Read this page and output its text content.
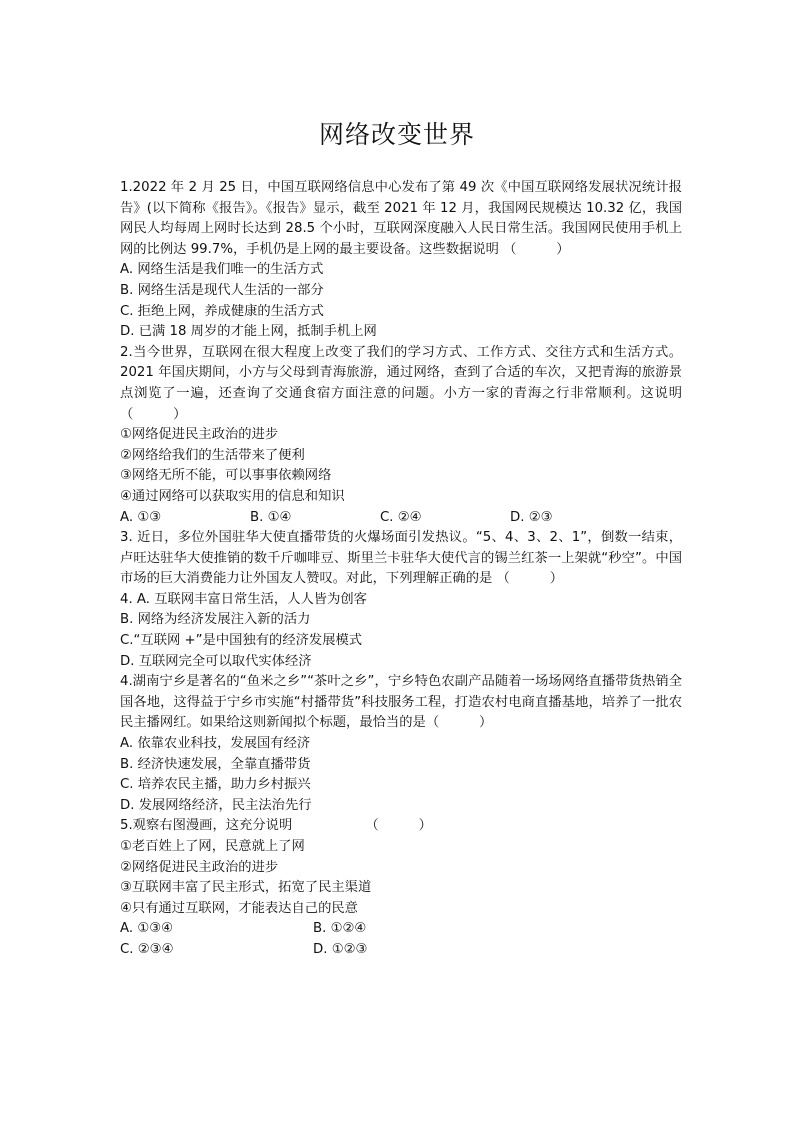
网络改变世界

1.2022 年 2 月 25 日，中国互联网络信息中心发布了第 49 次《中国互联网络发展状况统计报告》(以下简称《报告》。《报告》显示，截至 2021 年 12 月，我国网民规模达 10.32 亿，我国网民人均每周上网时长达到 28.5 个小时，互联网深度融入人民日常生活。我国网民使用手机上网的比例达 99.7%，手机仍是上网的最主要设备。这些数据说明 （　　　）

A. 网络生活是我们唯一的生活方式

B. 网络生活是现代人生活的一部分

C. 拒绝上网，养成健康的生活方式

D. 已满 18 周岁的才能上网，抵制手机上网

2.当今世界，互联网在很大程度上改变了我们的学习方式、工作方式、交往方式和生活方式。2021 年国庆期间，小方与父母到青海旅游，通过网络，查到了合适的车次，又把青海的旅游景点浏览了一遍，还查询了交通食宿方面注意的问题。小方一家的青海之行非常顺利。这说明　（　　　）

①网络促进民主政治的进步

②网络给我们的生活带来了便利

③网络无所不能，可以事事依赖网络

④通过网络可以获取实用的信息和知识

A. ①③	B. ①④	C. ②④	D. ②③

3. 近日，多位外国驻华大使直播带货的火爆场面引发热议。“5、4、3、2、1”，倒数一结束，卢旺达驻华大使推销的数千斤咖啡豆、斯里兰卡驻华大使代言的锡兰红茶一上架就“秒空”。中国市场的巨大消费能力让外国友人赞叹。对此，下列理解正确的是 （　　　）

4. A. 互联网丰富日常生活，人人皆为创客

B. 网络为经济发展注入新的活力

C.“互联网 +”是中国独有的经济发展模式

D. 互联网完全可以取代实体经济

4.湖南宁乡是著名的“鱼米之乡”“茶叶之乡”，宁乡特色农副产品随着一场场网络直播带货热销全国各地，这得益于宁乡市实施“村播带货”科技服务工程，打造农村电商直播基地，培养了一批农民主播网红。如果给这则新闻拟个标题，最恰当的是（　　　）

A. 依靠农业科技，发展国有经济

B. 经济快速发展，全靠直播带货

C. 培养农民主播，助力乡村振兴

D. 发展网络经济，民主法治先行

5.观察右图漫画，这充分说明　　　　　　（　　　）

①老百姓上了网，民意就上了网

②网络促进民主政治的进步

③互联网丰富了民主形式，拓宽了民主渠道

④只有通过互联网，才能表达自己的民意

A. ①③④	B. ①②④
C. ②③④	D. ①②③
